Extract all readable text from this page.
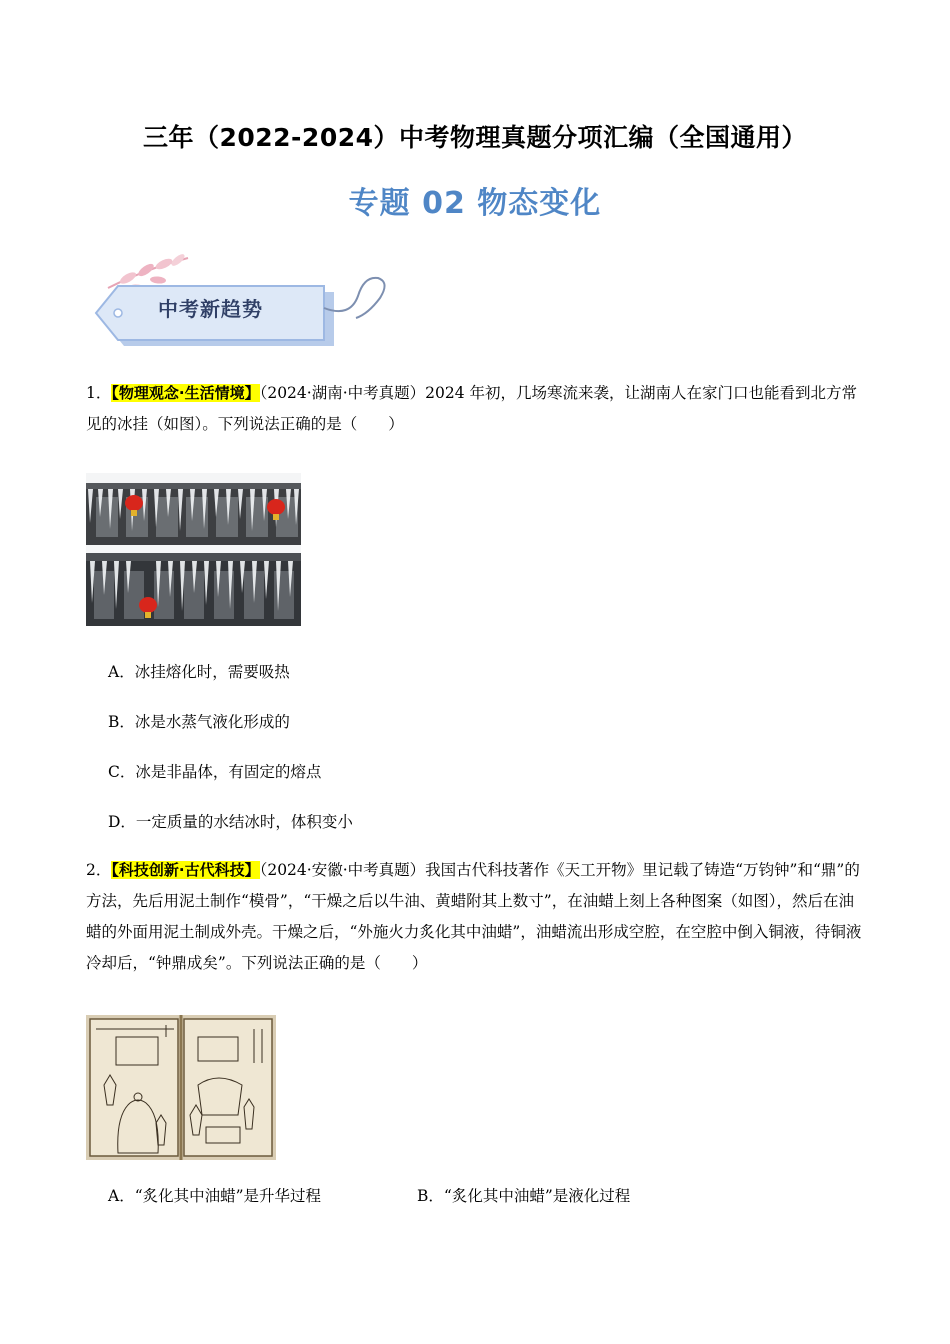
三年（2022-2024）中考物理真题分项汇编（全国通用）
专题 02 物态变化
中考新趋势
1．【物理观念·生活情境】（2024·湖南·中考真题）2024 年初，几场寒流来袭，让湖南人在家门口也能看到北方常见的冰挂（如图）。下列说法正确的是（　　）
A．冰挂熔化时，需要吸热
B．冰是水蒸气液化形成的
C．冰是非晶体，有固定的熔点
D．一定质量的水结冰时，体积变小
2．【科技创新·古代科技】（2024·安徽·中考真题）我国古代科技著作《天工开物》里记载了铸造“万钧钟”和“鼎”的方法，先后用泥土制作“模骨”，“干燥之后以牛油、黄蜡附其上数寸”，在油蜡上刻上各种图案（如图），然后在油蜡的外面用泥土制成外壳。干燥之后，“外施火力炙化其中油蜡”，油蜡流出形成空腔，在空腔中倒入铜液，待铜液冷却后，“钟鼎成矣”。下列说法正确的是（　　）
A．“炙化其中油蜡”是升华过程	B．“炙化其中油蜡”是液化过程
